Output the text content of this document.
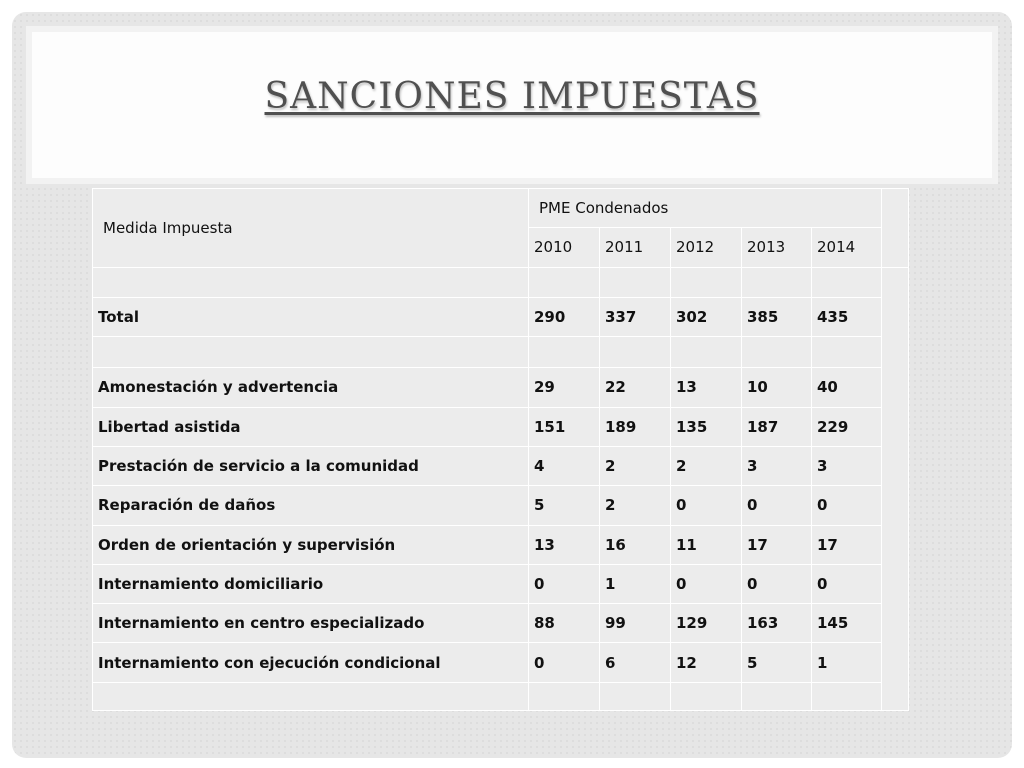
SANCIONES IMPUESTAS
Medida Impuesta	PME Condenados					
	2010	2011	2012	2013	2014	

Total	290	337	302	385	435	

Amonestación y advertencia	29	22	13	10	40	
Libertad asistida	151	189	135	187	229	
Prestación de servicio a la comunidad	4	2	2	3	3	
Reparación de daños	5	2	0	0	0	
Orden de orientación y supervisión	13	16	11	17	17	
Internamiento domiciliario	0	1	0	0	0	
Internamiento en centro especializado	88	99	129	163	145	
Internamiento con ejecución condicional	0	6	12	5	1	
